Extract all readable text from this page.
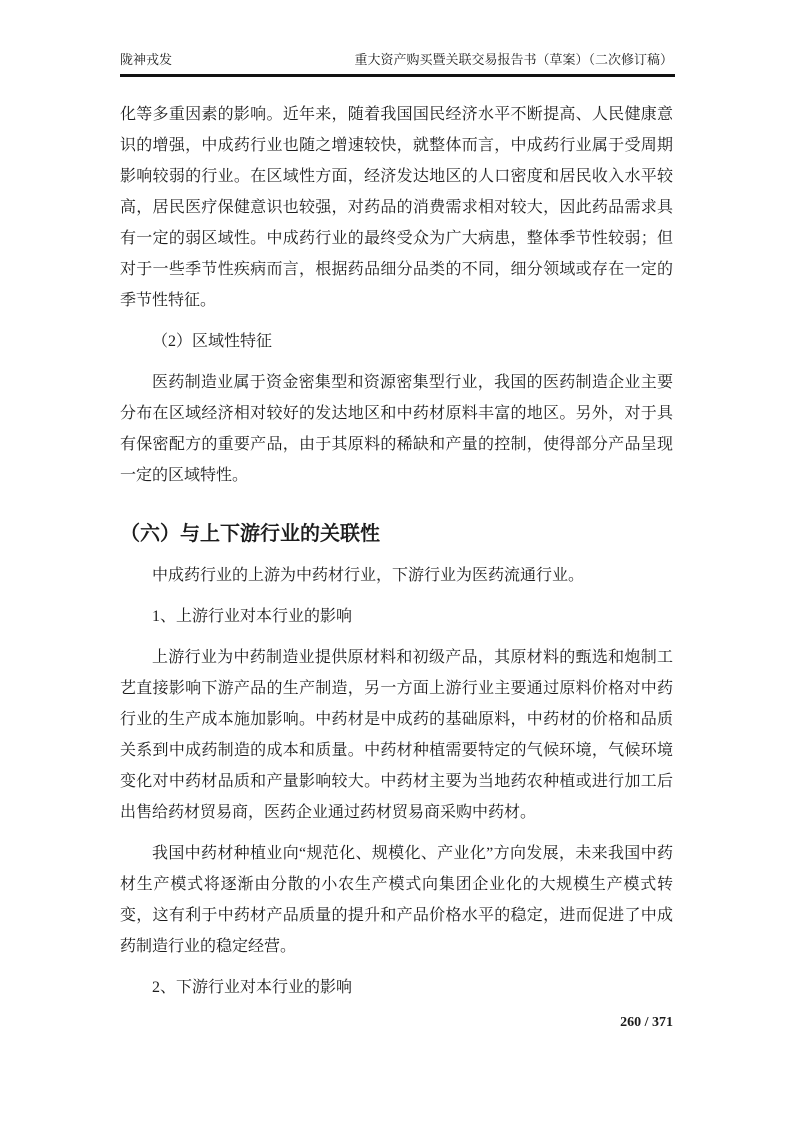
陇神戎发	重大资产购买暨关联交易报告书（草案）（二次修订稿）

化等多重因素的影响。近年来，随着我国国民经济水平不断提高、人民健康意识的增强，中成药行业也随之增速较快，就整体而言，中成药行业属于受周期影响较弱的行业。在区域性方面，经济发达地区的人口密度和居民收入水平较高，居民医疗保健意识也较强，对药品的消费需求相对较大，因此药品需求具有一定的弱区域性。中成药行业的最终受众为广大病患，整体季节性较弱；但对于一些季节性疾病而言，根据药品细分品类的不同，细分领域或存在一定的季节性特征。

（2）区域性特征

医药制造业属于资金密集型和资源密集型行业，我国的医药制造企业主要分布在区域经济相对较好的发达地区和中药材原料丰富的地区。另外，对于具有保密配方的重要产品，由于其原料的稀缺和产量的控制，使得部分产品呈现一定的区域特性。

（六）与上下游行业的关联性

中成药行业的上游为中药材行业，下游行业为医药流通行业。

1、上游行业对本行业的影响

上游行业为中药制造业提供原材料和初级产品，其原材料的甄选和炮制工艺直接影响下游产品的生产制造，另一方面上游行业主要通过原料价格对中药行业的生产成本施加影响。中药材是中成药的基础原料，中药材的价格和品质关系到中成药制造的成本和质量。中药材种植需要特定的气候环境，气候环境变化对中药材品质和产量影响较大。中药材主要为当地药农种植或进行加工后出售给药材贸易商，医药企业通过药材贸易商采购中药材。

我国中药材种植业向“规范化、规模化、产业化”方向发展，未来我国中药材生产模式将逐渐由分散的小农生产模式向集团企业化的大规模生产模式转变，这有利于中药材产品质量的提升和产品价格水平的稳定，进而促进了中成药制造行业的稳定经营。

2、下游行业对本行业的影响

260 / 371
